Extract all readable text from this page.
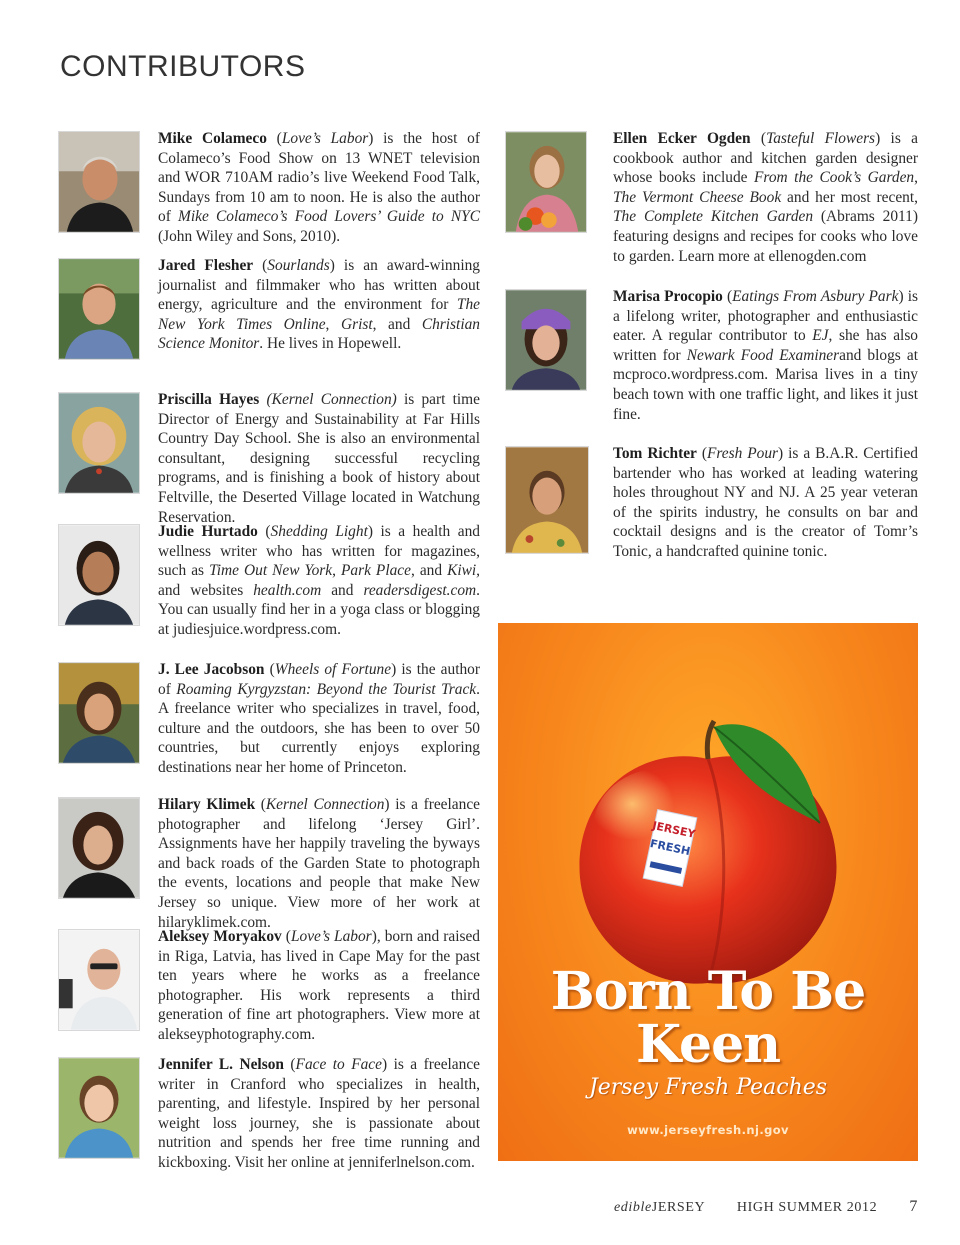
CONTRIBUTORS

Mike Colameco (Love’s Labor) is the host of Colameco’s Food Show on 13 WNET television and WOR 710AM radio’s live Weekend Food Talk, Sundays from 10 am to noon. He is also the author of Mike Colameco’s Food Lovers’ Guide to NYC (John Wiley and Sons, 2010).

Jared Flesher (Sourlands) is an award-winning journalist and filmmaker who has written about energy, agriculture and the environment for The New York Times Online, Grist, and Christian Science Monitor. He lives in Hopewell.

Priscilla Hayes (Kernel Connection) is part time Director of Energy and Sustainability at Far Hills Country Day School. She is also an environmental consultant, designing successful recycling programs, and is finishing a book of history about Feltville, the Deserted Village located in Watchung Reservation.

Judie Hurtado (Shedding Light) is a health and wellness writer who has written for magazines, such as Time Out New York, Park Place, and Kiwi, and websites health.com and readersdigest.com. You can usually find her in a yoga class or blogging at judiesjuice.wordpress.com.

J. Lee Jacobson (Wheels of Fortune) is the author of Roaming Kyrgyzstan: Beyond the Tourist Track. A freelance writer who specializes in travel, food, culture and the outdoors, she has been to over 50 countries, but currently enjoys exploring destinations near her home of Princeton.

Hilary Klimek (Kernel Connection) is a freelance photographer and lifelong ‘Jersey Girl’. Assignments have her happily traveling the byways and back roads of the Garden State to photograph the events, locations and people that make New Jersey so unique. View more of her work at hilaryklimek.com.

Aleksey Moryakov (Love’s Labor), born and raised in Riga, Latvia, has lived in Cape May for the past ten years where he works as a freelance photographer. His work represents a third generation of fine art photographers. View more at alekseyphotography.com.

Jennifer L. Nelson (Face to Face) is a freelance writer in Cranford who specializes in health, parenting, and lifestyle. Inspired by her personal weight loss journey, she is passionate about nutrition and spends her free time running and kickboxing. Visit her online at jenniferlnelson.com.

Ellen Ecker Ogden (Tasteful Flowers) is a cookbook author and kitchen garden designer whose books include From the Cook’s Garden, The Vermont Cheese Book and her most recent, The Complete Kitchen Garden (Abrams 2011) featuring designs and recipes for cooks who love to garden. Learn more at ellenogden.com

Marisa Procopio (Eatings From Asbury Park) is a lifelong writer, photographer and enthusiastic eater. A regular contributor to EJ, she has also written for Newark Food Examinerand blogs at mcproco.wordpress.com. Marisa lives in a tiny beach town with one traffic light, and likes it just fine.

Tom Richter (Fresh Pour) is a B.A.R. Certified bartender who has worked at leading watering holes throughout NY and NJ. A 25 year veteran of the spirits industry, he consults on bar and cocktail designs and is the creator of Tomr’s Tonic, a handcrafted quinine tonic.

JERSEY
FRESH
Born To Be
Keen
Jersey Fresh Peaches
www.jerseyfresh.nj.gov
edibleJERSEY HIGH SUMMER 2012 7
